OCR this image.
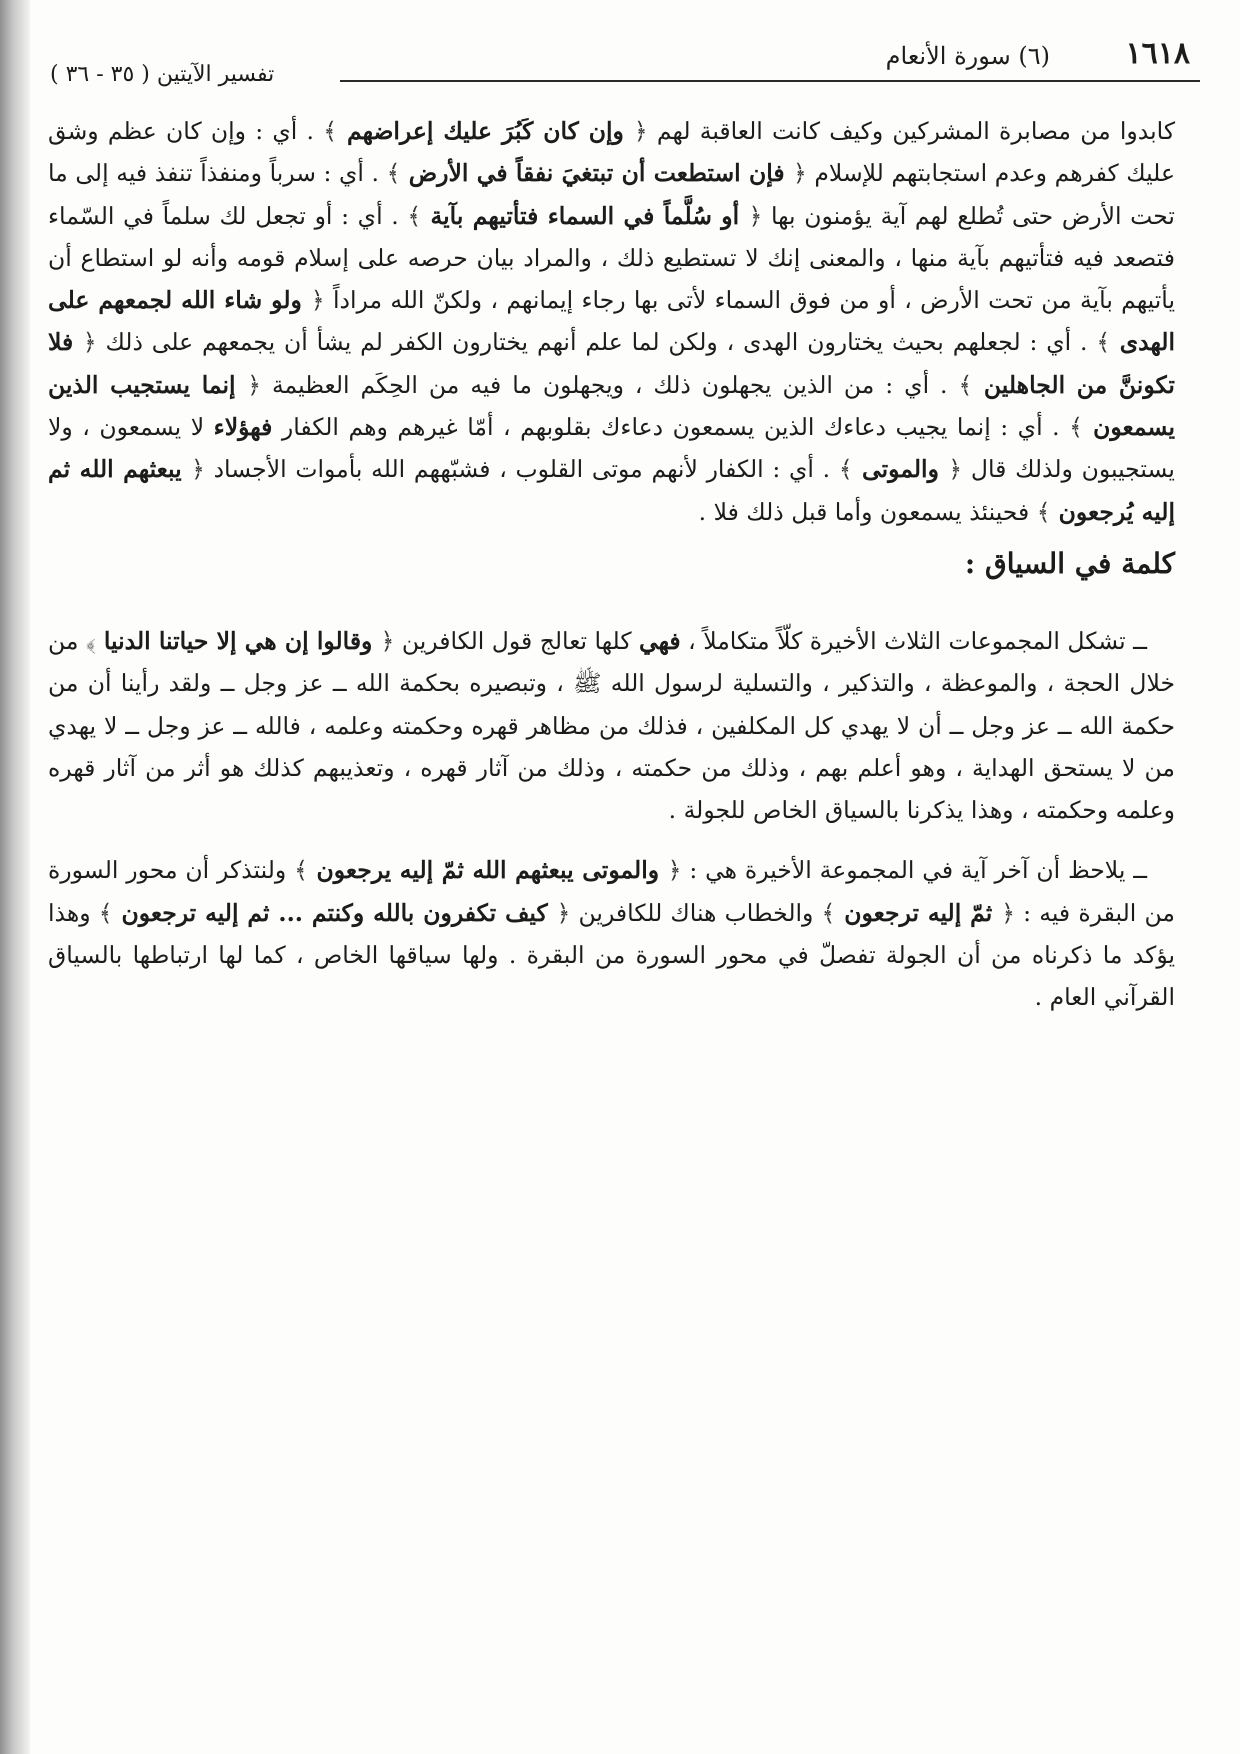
١٦١٨
(٦) سورة الأنعام
تفسير الآيتين ( ٣٥ - ٣٦ )

كابدوا من مصابرة المشركين وكيف كانت العاقبة لهم ﴿ وإن كان كَبُرَ عليك إعراضهم ﴾ . أي : وإن كان عظم وشق عليك كفرهم وعدم استجابتهم للإسلام ﴿ فإن استطعت أن تبتغيَ نفقاً في الأرض ﴾ . أي : سرباً ومنفذاً تنفذ فيه إلى ما تحت الأرض حتى تُطلع لهم آية يؤمنون بها ﴿ أو سُلَّماً في السماء فتأتيهم بآية ﴾ . أي : أو تجعل لك سلماً في السّماء فتصعد فيه فتأتيهم بآية منها ، والمعنى إنك لا تستطيع ذلك ، والمراد بيان حرصه على إسلام قومه وأنه لو استطاع أن يأتيهم بآية من تحت الأرض ، أو من فوق السماء لأتى بها رجاء إيمانهم ، ولكنّ الله مراداً ﴿ ولو شاء الله لجمعهم على الهدى ﴾ . أي : لجعلهم بحيث يختارون الهدى ، ولكن لما علم أنهم يختارون الكفر لم يشأ أن يجمعهم على ذلك ﴿ فلا تكوننَّ من الجاهلين ﴾ . أي : من الذين يجهلون ذلك ، ويجهلون ما فيه من الحِكَم العظيمة ﴿ إنما يستجيب الذين يسمعون ﴾ . أي : إنما يجيب دعاءك الذين يسمعون دعاءك بقلوبهم ، أمّا غيرهم وهم الكفار فهؤلاء لا يسمعون ، ولا يستجيبون ولذلك قال ﴿ والموتى ﴾ . أي : الكفار لأنهم موتى القلوب ، فشبّههم الله بأموات الأجساد ﴿ يبعثهم الله ثم إليه يُرجعون ﴾ فحينئذ يسمعون وأما قبل ذلك فلا .

كلمة في السياق :

ــ تشكل المجموعات الثلاث الأخيرة كلّاً متكاملاً ، فهي كلها تعالج قول الكافرين ﴿ وقالوا إن هي إلا حياتنا الدنيا ﴾ من خلال الحجة ، والموعظة ، والتذكير ، والتسلية لرسول الله ﷺ ، وتبصيره بحكمة الله ــ عز وجل ــ ولقد رأينا أن من حكمة الله ــ عز وجل ــ أن لا يهدي كل المكلفين ، فذلك من مظاهر قهره وحكمته وعلمه ، فالله ــ عز وجل ــ لا يهدي من لا يستحق الهداية ، وهو أعلم بهم ، وذلك من حكمته ، وذلك من آثار قهره ، وتعذيبهم كذلك هو أثر من آثار قهره وعلمه وحكمته ، وهذا يذكرنا بالسياق الخاص للجولة .

ــ يلاحظ أن آخر آية في المجموعة الأخيرة هي : ﴿ والموتى يبعثهم الله ثمّ إليه يرجعون ﴾ ولنتذكر أن محور السورة من البقرة فيه : ﴿ ثمّ إليه ترجعون ﴾ والخطاب هناك للكافرين ﴿ كيف تكفرون بالله وكنتم ... ثم إليه ترجعون ﴾ وهذا يؤكد ما ذكرناه من أن الجولة تفصلّ في محور السورة من البقرة . ولها سياقها الخاص ، كما لها ارتباطها بالسياق القرآني العام .
